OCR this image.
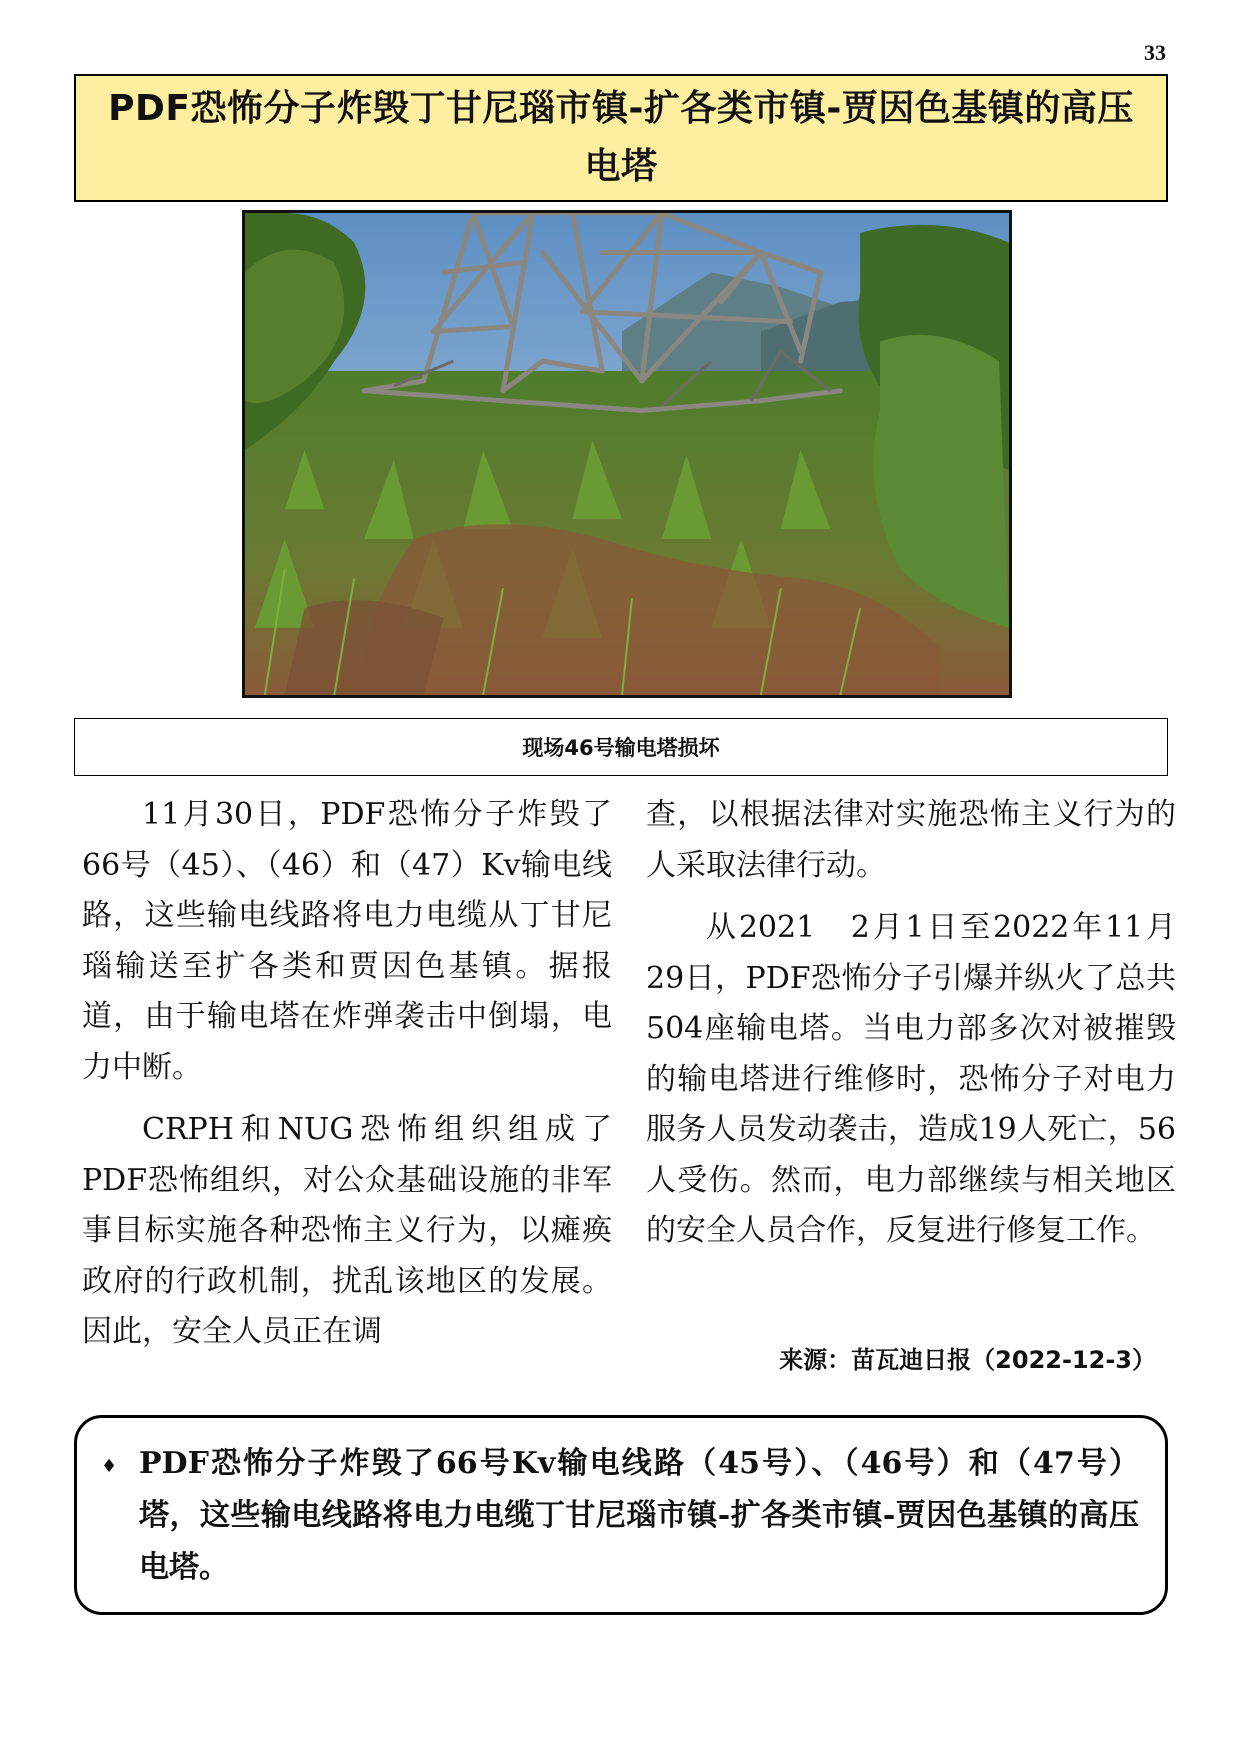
33
PDF恐怖分子炸毁丁甘尼瑙市镇-扩各类市镇-贾因色基镇的高压电塔
现场46号输电塔损坏

11月30日，PDF恐怖分子炸毁了66号（45）、（46）和（47）Kv输电线路，这些输电线路将电力电缆从丁甘尼瑙输送至扩各类和贾因色基镇。据报道，由于输电塔在炸弹袭击中倒塌，电力中断。

CRPH和NUG恐怖组织组成了PDF恐怖组织，对公众基础设施的非军事目标实施各种恐怖主义行为，以瘫痪政府的行政机制，扰乱该地区的发展。因此，安全人员正在调

查，以根据法律对实施恐怖主义行为的人采取法律行动。

从2021　2月1日至2022年11月29日，PDF恐怖分子引爆并纵火了总共504座输电塔。当电力部多次对被摧毁的输电塔进行维修时，恐怖分子对电力服务人员发动袭击，造成19人死亡，56人受伤。然而，电力部继续与相关地区的安全人员合作，反复进行修复工作。

来源：苗瓦迪日报（2022-12-3）
♦ PDF恐怖分子炸毁了66号Kv输电线路（45号）、（46号）和（47号）塔，这些输电线路将电力电缆丁甘尼瑙市镇-扩各类市镇-贾因色基镇的高压电塔。
